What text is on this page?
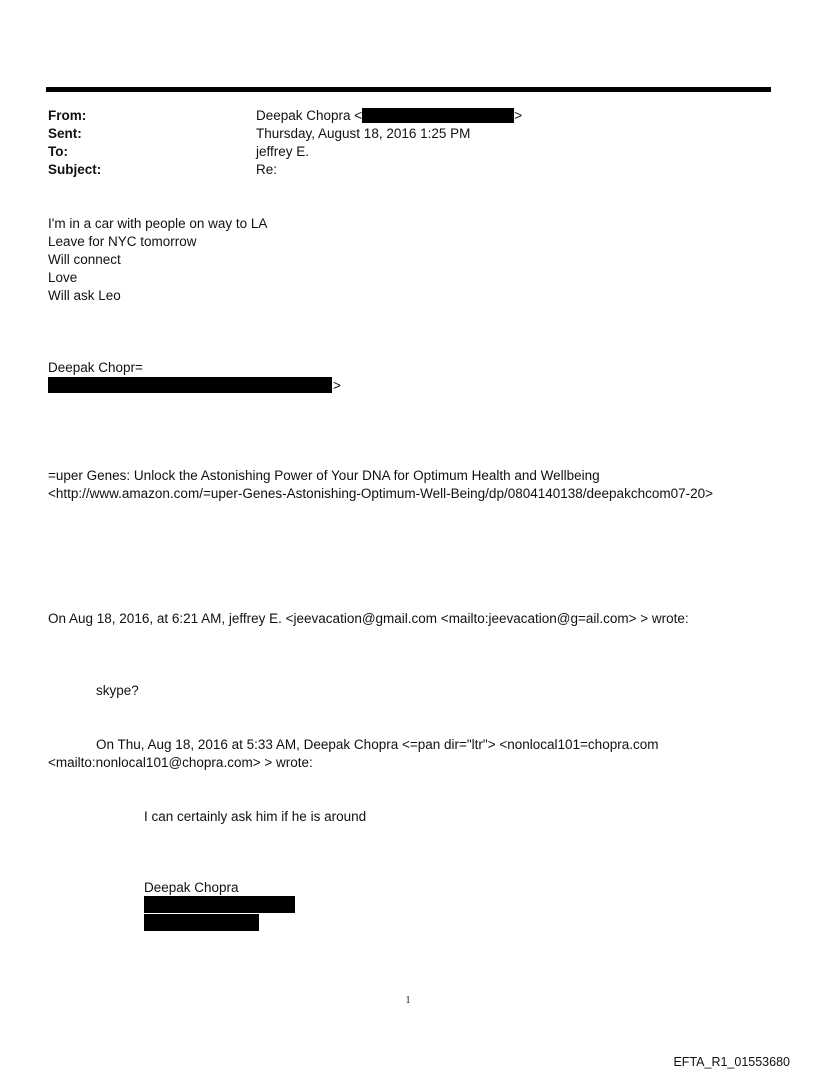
From:	Deepak Chopra <	>
Sent:	Thursday, August 18, 2016 1:25 PM
To:	jeffrey E.
Subject:	Re:
I'm in a car with people on way to LA
Leave for NYC tomorrow
Will connect
Love
Will ask Leo
Deepak Chopr=
>
=uper Genes: Unlock the Astonishing Power of Your DNA for Optimum Health and Wellbeing
<http://www.amazon.com/=uper-Genes-Astonishing-Optimum-Well-Being/dp/0804140138/deepakchcom07-20>
On Aug 18, 2016, at 6:21 AM, jeffrey E. <jeevacation@gmail.com <mailto:jeevacation@g=ail.com> > wrote:
skype?
On Thu, Aug 18, 2016 at 5:33 AM, Deepak Chopra <=pan dir="ltr"> <nonlocal101=chopra.com
<mailto:nonlocal101@chopra.com> > wrote:
I can certainly ask him if he is around
Deepak Chopra
1
EFTA_R1_01553680
